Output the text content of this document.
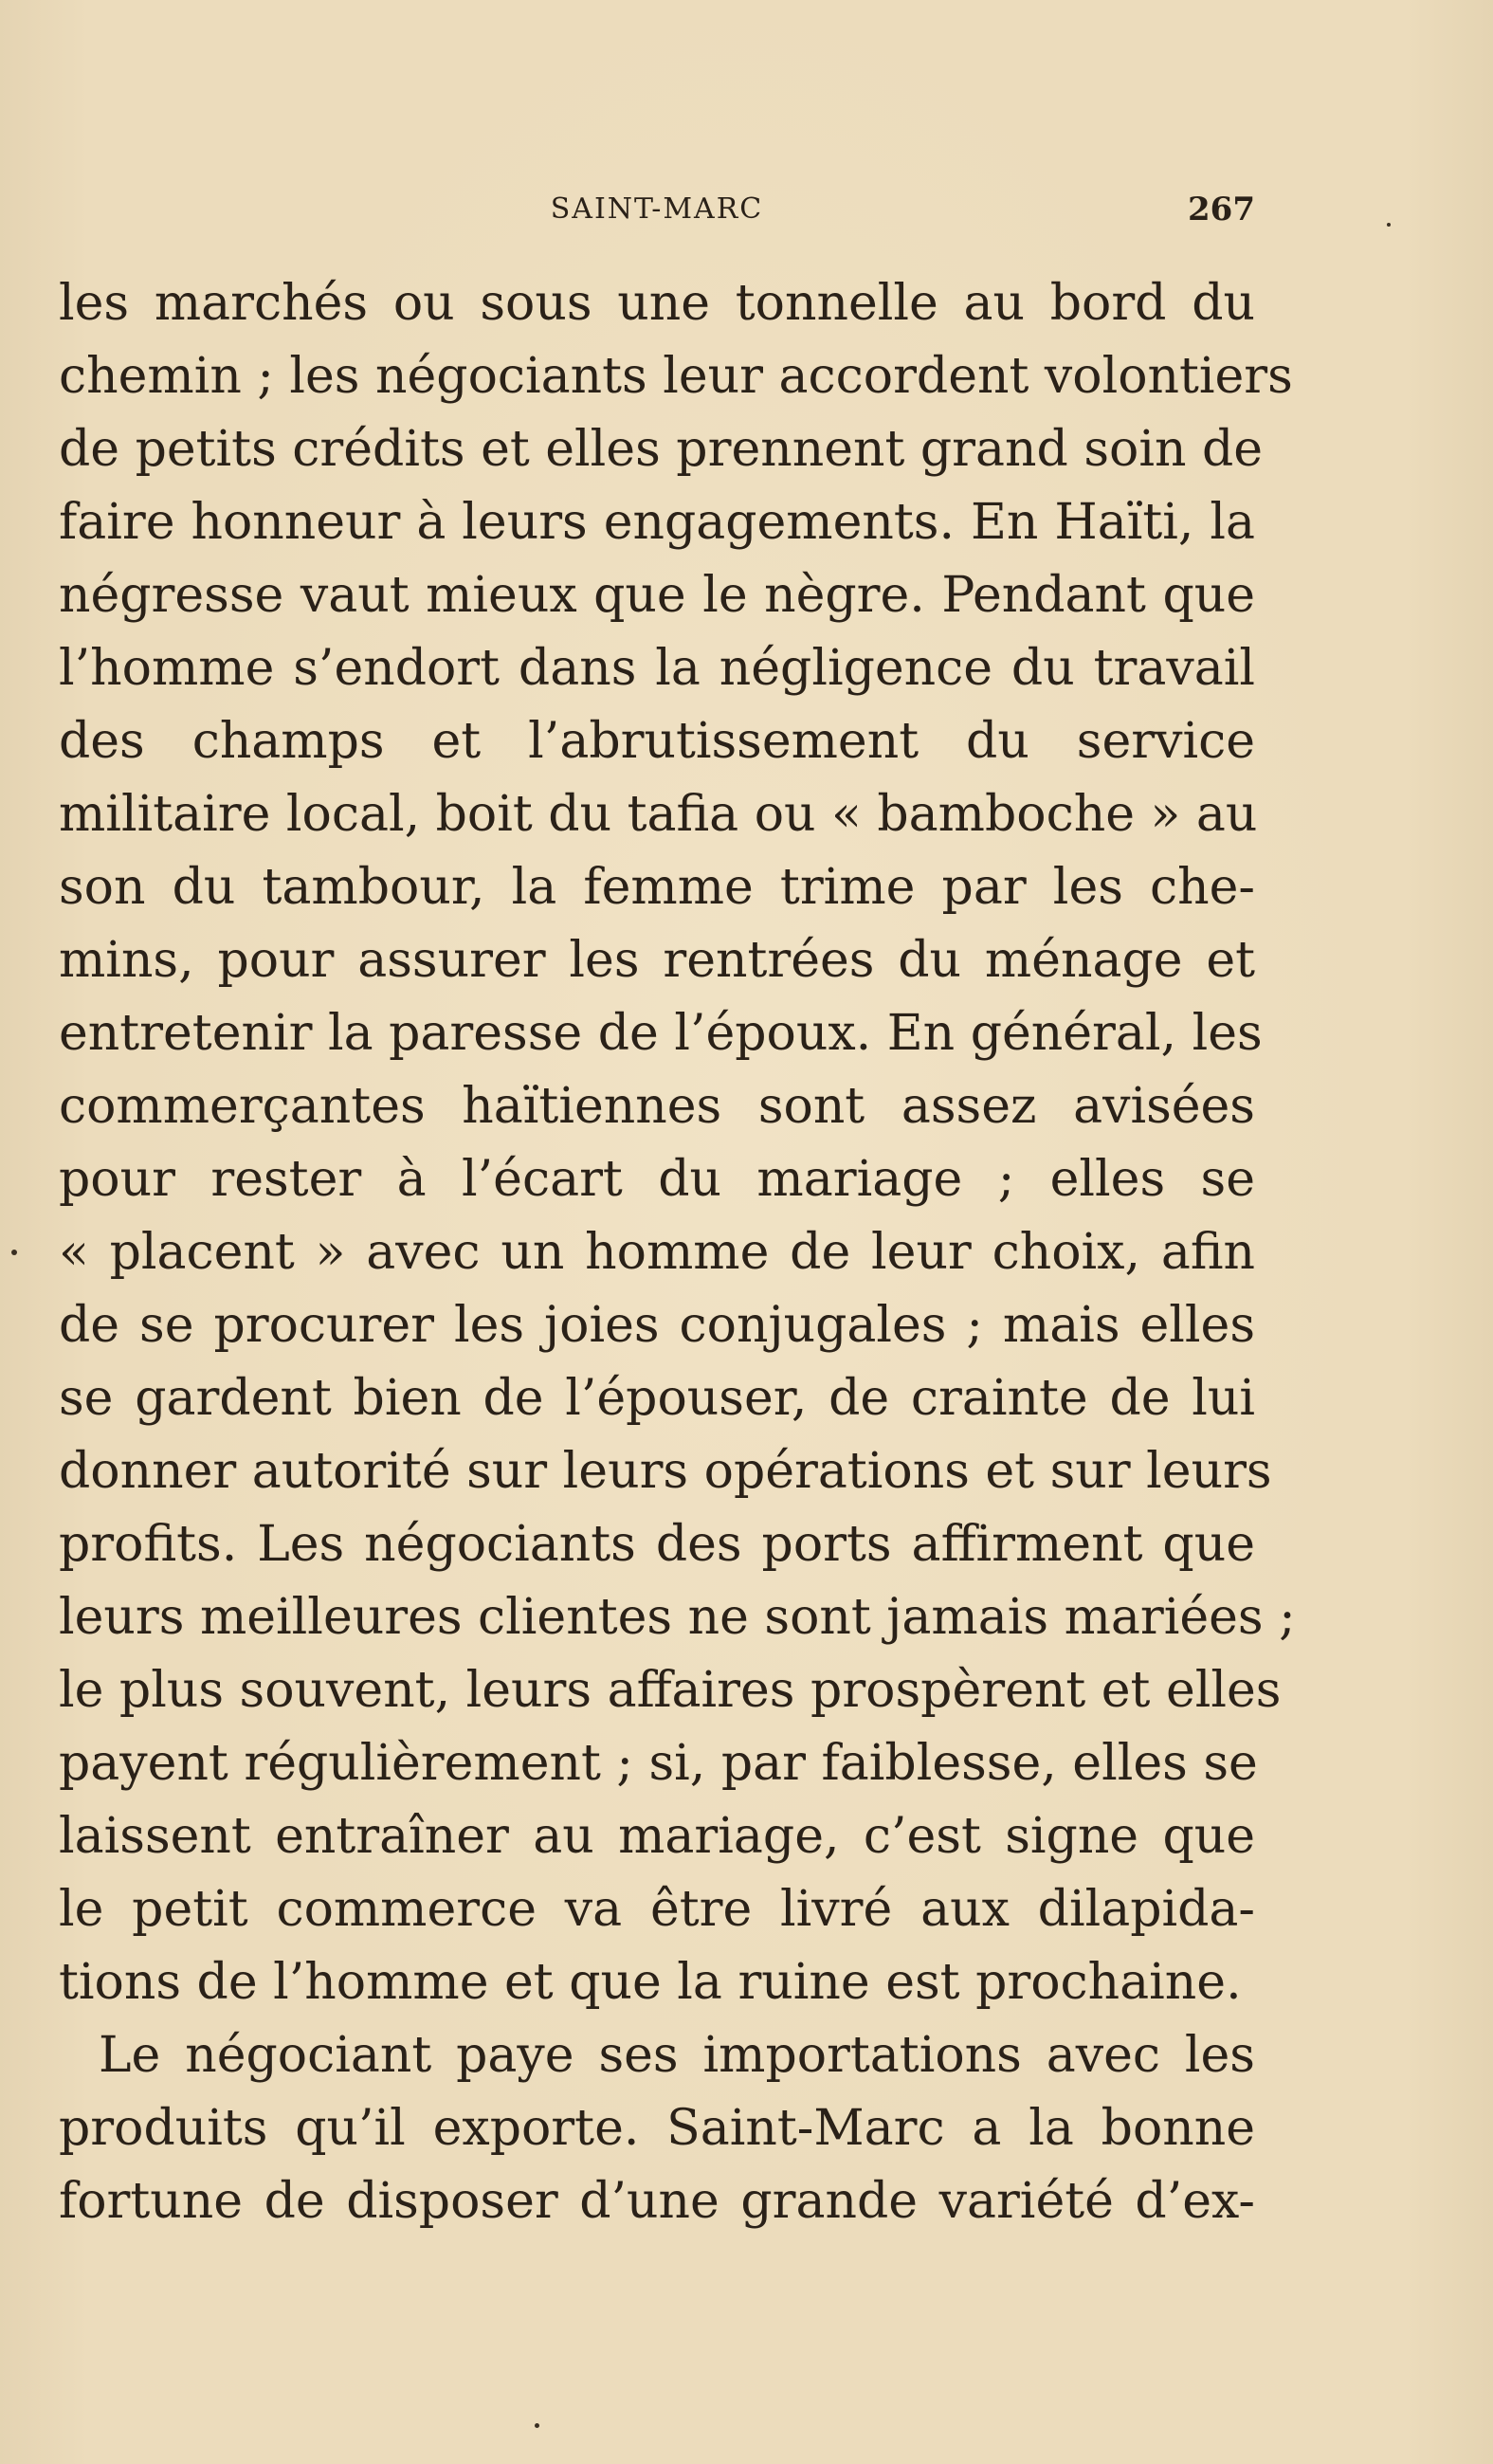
SAINT-MARC	267
les marchés ou sous une tonnelle au bord du
chemin ; les négociants leur accordent volontiers
de petits crédits et elles prennent grand soin de
faire honneur à leurs engagements. En Haïti, la
négresse vaut mieux que le nègre. Pendant que
l’homme s’endort dans la négligence du travail
des champs et l’abrutissement du service
militaire local, boit du tafia ou « bamboche » au
son du tambour, la femme trime par les che-
mins, pour assurer les rentrées du ménage et
entretenir la paresse de l’époux. En général, les
commerçantes haïtiennes sont assez avisées
pour rester à l’écart du mariage ; elles se
« placent » avec un homme de leur choix, afin
de se procurer les joies conjugales ; mais elles
se gardent bien de l’épouser, de crainte de lui
donner autorité sur leurs opérations et sur leurs
profits. Les négociants des ports affirment que
leurs meilleures clientes ne sont jamais mariées ;
le plus souvent, leurs affaires prospèrent et elles
payent régulièrement ; si, par faiblesse, elles se
laissent entraîner au mariage, c’est signe que
le petit commerce va être livré aux dilapida-
tions de l’homme et que la ruine est prochaine.
Le négociant paye ses importations avec les
produits qu’il exporte. Saint-Marc a la bonne
fortune de disposer d’une grande variété d’ex-
